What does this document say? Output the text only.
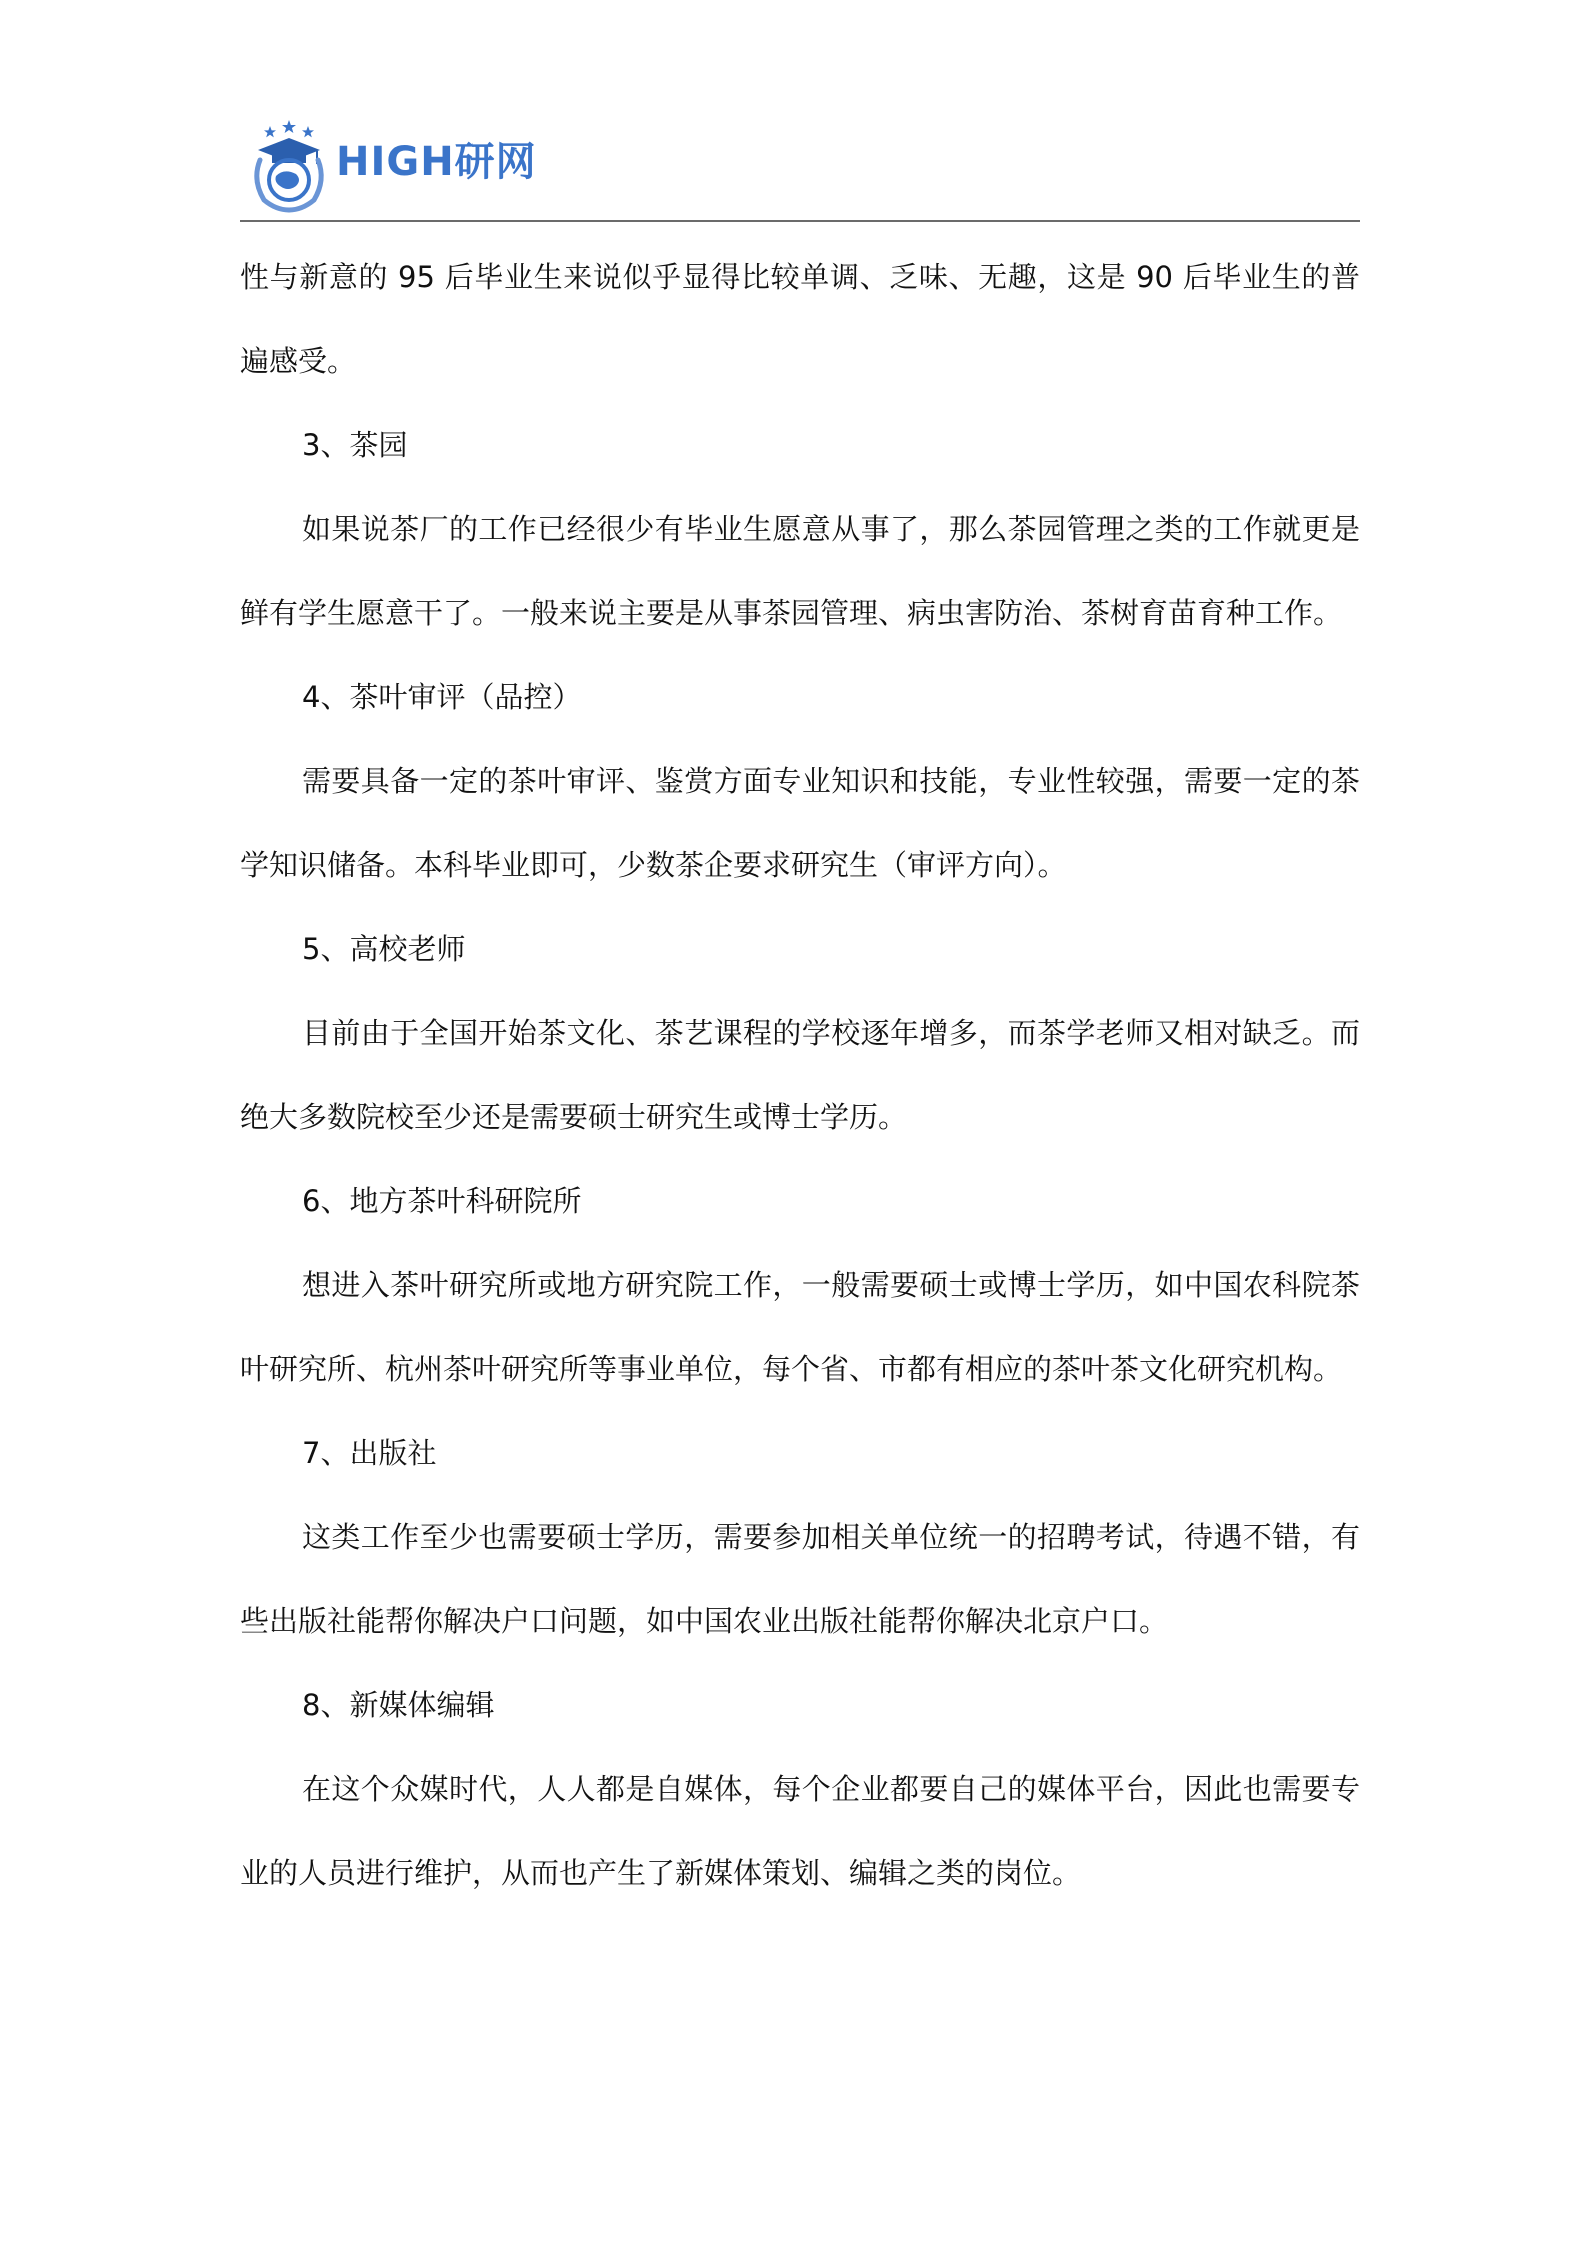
HIGH研网

性与新意的 95 后毕业生来说似乎显得比较单调、乏味、无趣，这是 90 后毕业生的普遍感受。

3、茶园

如果说茶厂的工作已经很少有毕业生愿意从事了，那么茶园管理之类的工作就更是鲜有学生愿意干了。一般来说主要是从事茶园管理、病虫害防治、茶树育苗育种工作。

4、茶叶审评（品控）

需要具备一定的茶叶审评、鉴赏方面专业知识和技能，专业性较强，需要一定的茶学知识储备。本科毕业即可，少数茶企要求研究生（审评方向）。

5、高校老师

目前由于全国开始茶文化、茶艺课程的学校逐年增多，而茶学老师又相对缺乏。而绝大多数院校至少还是需要硕士研究生或博士学历。

6、地方茶叶科研院所

想进入茶叶研究所或地方研究院工作，一般需要硕士或博士学历，如中国农科院茶叶研究所、杭州茶叶研究所等事业单位，每个省、市都有相应的茶叶茶文化研究机构。

7、出版社

这类工作至少也需要硕士学历，需要参加相关单位统一的招聘考试，待遇不错，有些出版社能帮你解决户口问题，如中国农业出版社能帮你解决北京户口。

8、新媒体编辑

在这个众媒时代，人人都是自媒体，每个企业都要自己的媒体平台，因此也需要专业的人员进行维护，从而也产生了新媒体策划、编辑之类的岗位。
